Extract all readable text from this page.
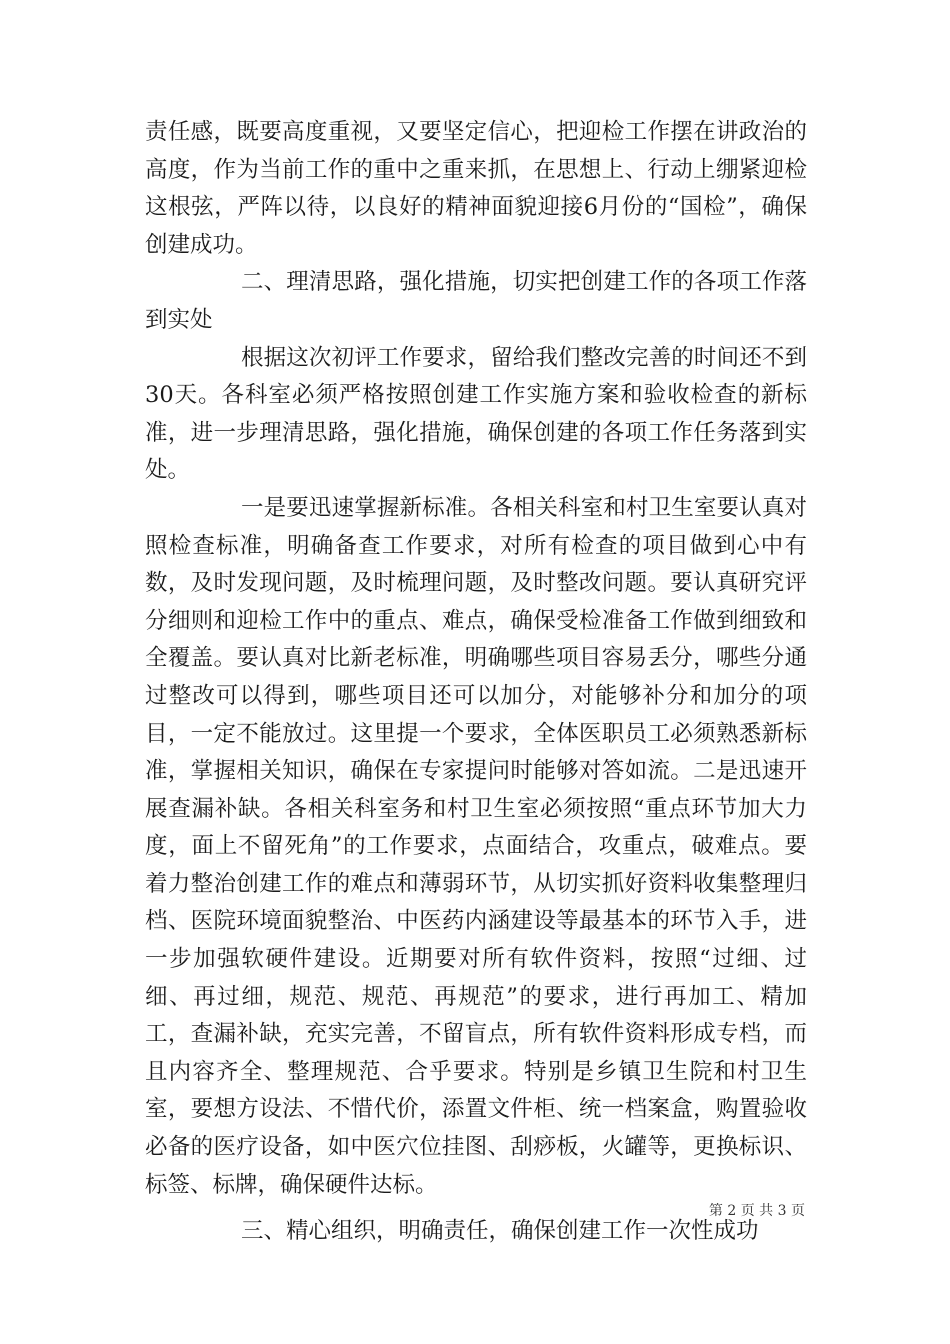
责任感，既要高度重视，又要坚定信心，把迎检工作摆在讲政治的高度，作为当前工作的重中之重来抓，在思想上、行动上绷紧迎检这根弦，严阵以待，以良好的精神面貌迎接6月份的“国检”，确保创建成功。

二、理清思路，强化措施，切实把创建工作的各项工作落到实处

根据这次初评工作要求，留给我们整改完善的时间还不到30天。各科室必须严格按照创建工作实施方案和验收检查的新标准，进一步理清思路，强化措施，确保创建的各项工作任务落到实处。

一是要迅速掌握新标准。各相关科室和村卫生室要认真对照检查标准，明确备查工作要求，对所有检查的项目做到心中有数，及时发现问题，及时梳理问题，及时整改问题。要认真研究评分细则和迎检工作中的重点、难点，确保受检准备工作做到细致和全覆盖。要认真对比新老标准，明确哪些项目容易丢分，哪些分通过整改可以得到，哪些项目还可以加分，对能够补分和加分的项目，一定不能放过。这里提一个要求，全体医职员工必须熟悉新标准，掌握相关知识，确保在专家提问时能够对答如流。二是迅速开展查漏补缺。各相关科室务和村卫生室必须按照“重点环节加大力度，面上不留死角”的工作要求，点面结合，攻重点，破难点。要着力整治创建工作的难点和薄弱环节，从切实抓好资料收集整理归档、医院环境面貌整治、中医药内涵建设等最基本的环节入手，进一步加强软硬件建设。近期要对所有软件资料，按照“过细、过细、再过细，规范、规范、再规范”的要求，进行再加工、精加工，查漏补缺，充实完善，不留盲点，所有软件资料形成专档，而且内容齐全、整理规范、合乎要求。特别是乡镇卫生院和村卫生室，要想方设法、不惜代价，添置文件柜、统一档案盒，购置验收必备的医疗设备，如中医穴位挂图、刮痧板，火罐等，更换标识、标签、标牌，确保硬件达标。

三、精心组织，明确责任，确保创建工作一次性成功

第 2 页 共 3 页
